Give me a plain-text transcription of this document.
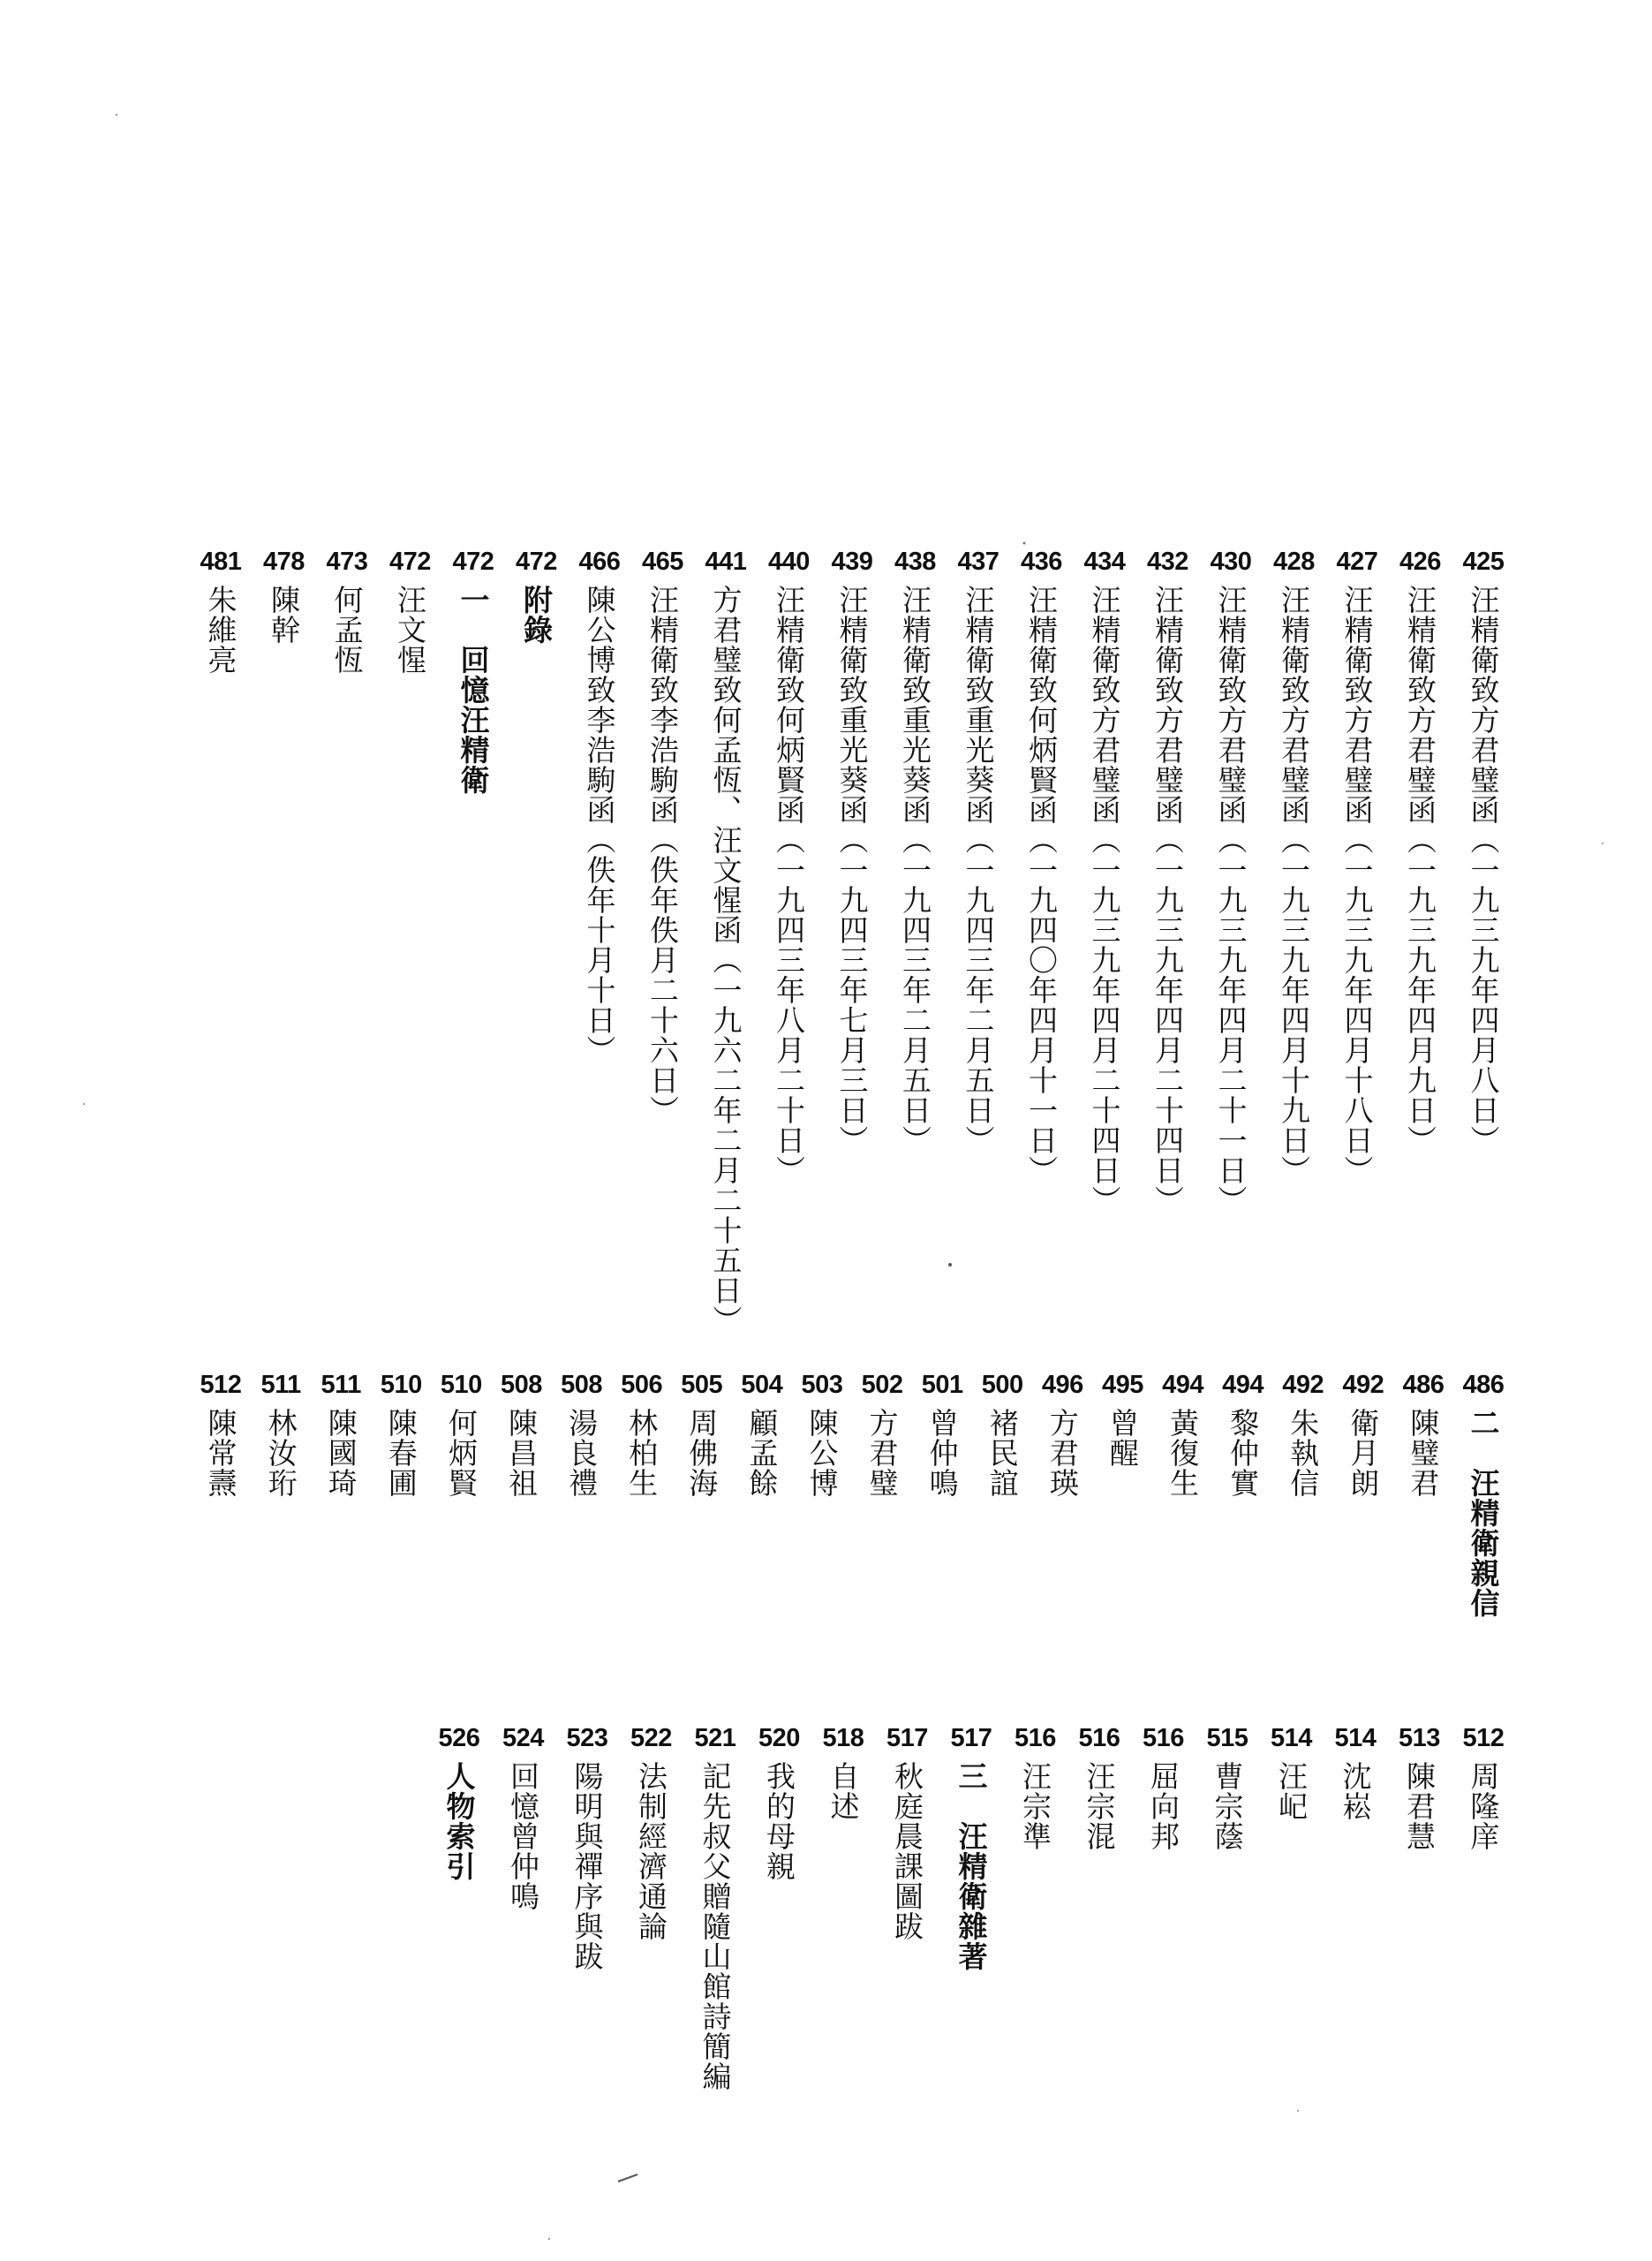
425
汪精衛致方君璧函（一九三九年四月八日）
426
汪精衛致方君璧函（一九三九年四月九日）
427
汪精衛致方君璧函（一九三九年四月十八日）
428
汪精衛致方君璧函（一九三九年四月十九日）
430
汪精衛致方君璧函（一九三九年四月二十一日）
432
汪精衛致方君璧函（一九三九年四月二十四日）
434
汪精衛致方君璧函（一九三九年四月二十四日）
436
汪精衛致何炳賢函（一九四〇年四月十一日）
437
汪精衛致重光葵函（一九四三年二月五日）
438
汪精衛致重光葵函（一九四三年二月五日）
439
汪精衛致重光葵函（一九四三年七月三日）
440
汪精衛致何炳賢函（一九四三年八月二十日）
441
方君璧致何孟恆、汪文惺函（一九六二年二月二十五日）
465
汪精衛致李浩駒函（佚年佚月二十六日）
466
陳公博致李浩駒函（佚年十月十日）
472
附錄
472
一　回憶汪精衛
472
汪文惺
473
何孟恆
478
陳幹
481
朱維亮
486
二　汪精衛親信
486
陳璧君
492
衛月朗
492
朱執信
494
黎仲實
494
黃復生
495
曾醒
496
方君瑛
500
褚民誼
501
曾仲鳴
502
方君璧
503
陳公博
504
顧孟餘
505
周佛海
506
林柏生
508
湯良禮
508
陳昌祖
510
何炳賢
510
陳春圃
511
陳國琦
511
林汝珩
512
陳常燾
512
周隆庠
513
陳君慧
514
沈崧
514
汪屺
515
曹宗蔭
516
屈向邦
516
汪宗混
516
汪宗準
517
三　汪精衛雜著
517
秋庭晨課圖跋
518
自述
520
我的母親
521
記先叔父贈隨山館詩簡編
522
法制經濟通論
523
陽明與禪序與跋
524
回憶曾仲鳴
526
人物索引
